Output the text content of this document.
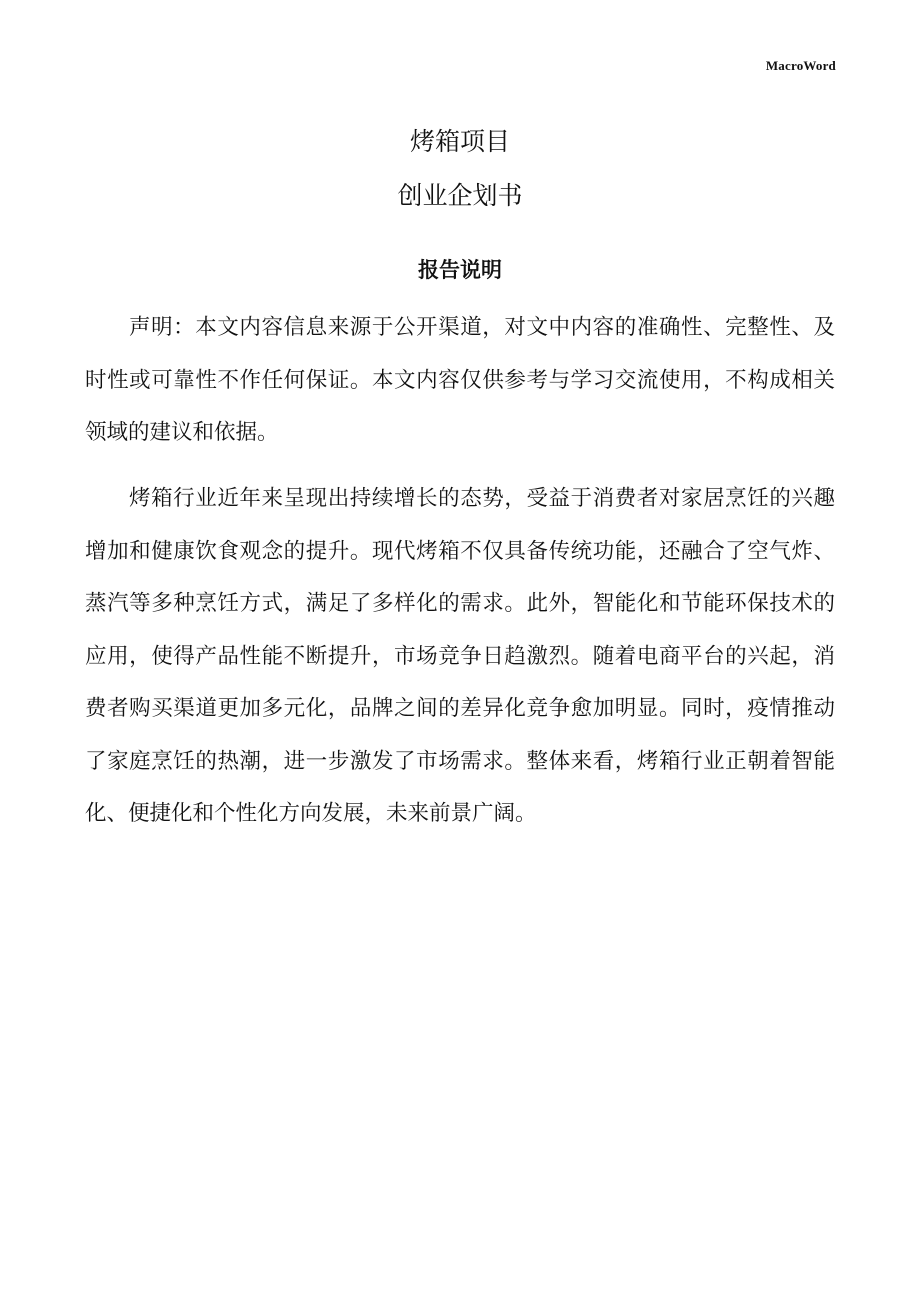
MacroWord
烤箱项目
创业企划书
报告说明

声明：本文内容信息来源于公开渠道，对文中内容的准确性、完整性、及时性或可靠性不作任何保证。本文内容仅供参考与学习交流使用，不构成相关领域的建议和依据。

烤箱行业近年来呈现出持续增长的态势，受益于消费者对家居烹饪的兴趣增加和健康饮食观念的提升。现代烤箱不仅具备传统功能，还融合了空气炸、蒸汽等多种烹饪方式，满足了多样化的需求。此外，智能化和节能环保技术的应用，使得产品性能不断提升，市场竞争日趋激烈。随着电商平台的兴起，消费者购买渠道更加多元化，品牌之间的差异化竞争愈加明显。同时，疫情推动了家庭烹饪的热潮，进一步激发了市场需求。整体来看，烤箱行业正朝着智能化、便捷化和个性化方向发展，未来前景广阔。
